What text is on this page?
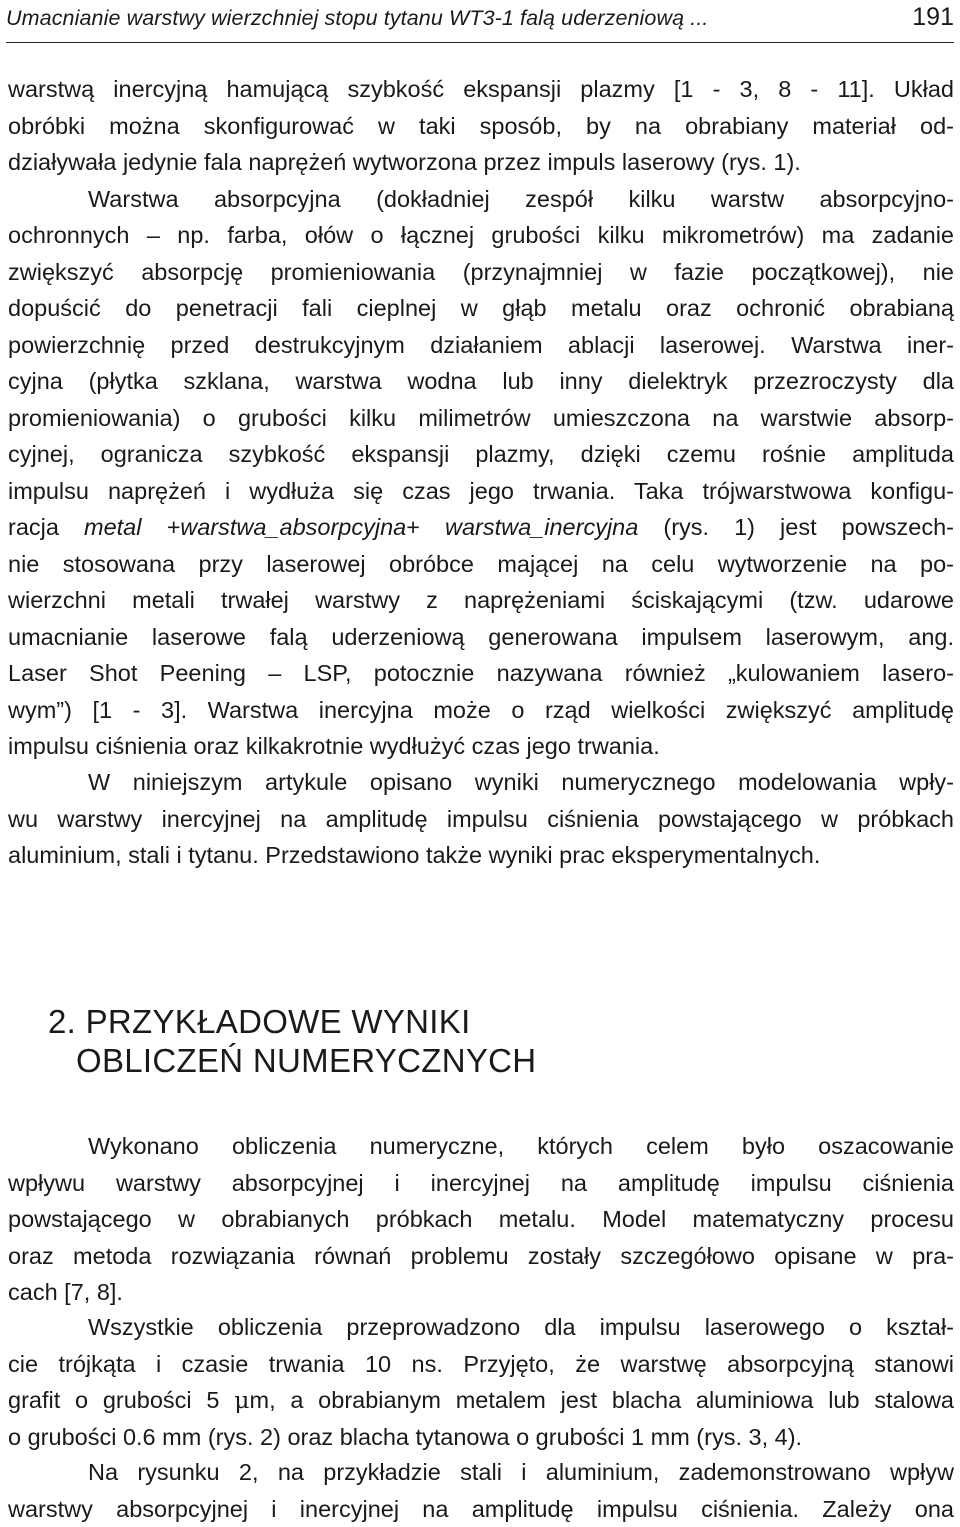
Umacnianie warstwy wierzchniej stopu tytanu WT3-1 falą uderzeniową ...	191
warstwą inercyjną hamującą szybkość ekspansji plazmy [1 - 3, 8 - 11]. Układ
obróbki można skonfigurować w taki sposób, by na obrabiany materiał od-
działywała jedynie fala naprężeń wytworzona przez impuls laserowy (rys. 1).
Warstwa absorpcyjna (dokładniej zespół kilku warstw absorpcyjno-
ochronnych – np. farba, ołów o łącznej grubości kilku mikrometrów) ma zadanie
zwiększyć absorpcję promieniowania (przynajmniej w fazie początkowej), nie
dopuścić do penetracji fali cieplnej w głąb metalu oraz ochronić obrabianą
powierzchnię przed destrukcyjnym działaniem ablacji laserowej. Warstwa iner-
cyjna (płytka szklana, warstwa wodna lub inny dielektryk przezroczysty dla
promieniowania) o grubości kilku milimetrów umieszczona na warstwie absorp-
cyjnej, ogranicza szybkość ekspansji plazmy, dzięki czemu rośnie amplituda
impulsu naprężeń i wydłuża się czas jego trwania. Taka trójwarstwowa konfigu-
racja metal +warstwa_absorpcyjna+ warstwa_inercyjna (rys. 1) jest powszech-
nie stosowana przy laserowej obróbce mającej na celu wytworzenie na po-
wierzchni metali trwałej warstwy z naprężeniami ściskającymi (tzw. udarowe
umacnianie laserowe falą uderzeniową generowana impulsem laserowym, ang.
Laser Shot Peening – LSP, potocznie nazywana również „kulowaniem lasero-
wym”) [1 - 3]. Warstwa inercyjna może o rząd wielkości zwiększyć amplitudę
impulsu ciśnienia oraz kilkakrotnie wydłużyć czas jego trwania.
W niniejszym artykule opisano wyniki numerycznego modelowania wpły-
wu warstwy inercyjnej na amplitudę impulsu ciśnienia powstającego w próbkach
aluminium, stali i tytanu. Przedstawiono także wyniki prac eksperymentalnych.
2. PRZYKŁADOWE WYNIKI
OBLICZEŃ NUMERYCZNYCH
Wykonano obliczenia numeryczne, których celem było oszacowanie
wpływu warstwy absorpcyjnej i inercyjnej na amplitudę impulsu ciśnienia
powstającego w obrabianych próbkach metalu. Model matematyczny procesu
oraz metoda rozwiązania równań problemu zostały szczegółowo opisane w pra-
cach [7, 8].
Wszystkie obliczenia przeprowadzono dla impulsu laserowego o kształ-
cie trójkąta i czasie trwania 10 ns. Przyjęto, że warstwę absorpcyjną stanowi
grafit o grubości 5 μm, a obrabianym metalem jest blacha aluminiowa lub stalowa
o grubości 0.6 mm (rys. 2) oraz blacha tytanowa o grubości 1 mm (rys. 3, 4).
Na rysunku 2, na przykładzie stali i aluminium, zademonstrowano wpływ
warstwy absorpcyjnej i inercyjnej na amplitudę impulsu ciśnienia. Zależy ona
